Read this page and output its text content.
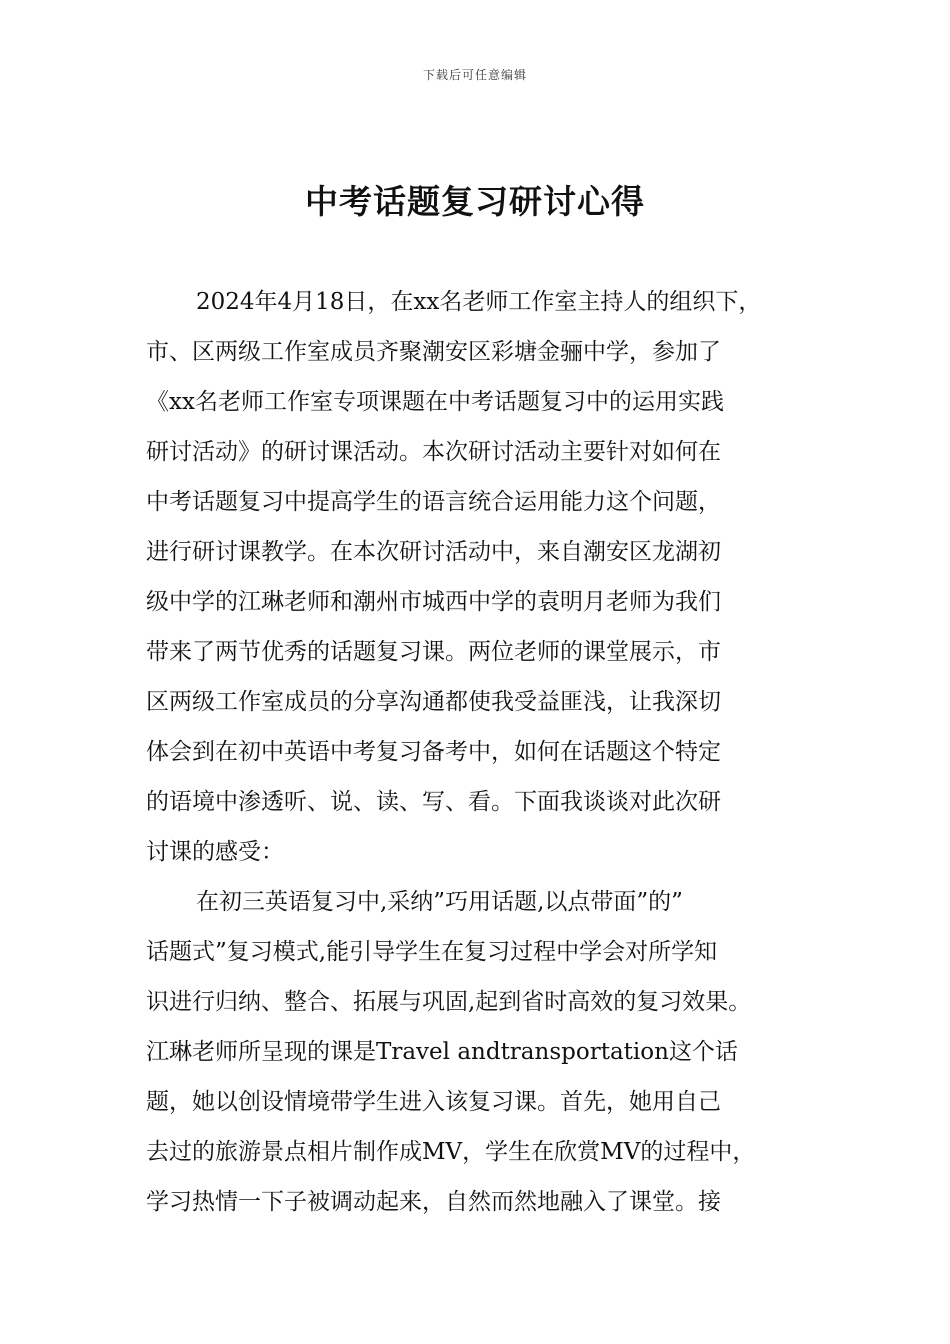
下载后可任意编辑
中考话题复习研讨心得
2024年4月18日，在xx名老师工作室主持人的组织下，
市、区两级工作室成员齐聚潮安区彩塘金骊中学，参加了
《xx名老师工作室专项课题在中考话题复习中的运用实践
研讨活动》的研讨课活动。本次研讨活动主要针对如何在
中考话题复习中提高学生的语言统合运用能力这个问题，
进行研讨课教学。在本次研讨活动中，来自潮安区龙湖初
级中学的江琳老师和潮州市城西中学的袁明月老师为我们
带来了两节优秀的话题复习课。两位老师的课堂展示，市
区两级工作室成员的分享沟通都使我受益匪浅，让我深切
体会到在初中英语中考复习备考中，如何在话题这个特定
的语境中渗透听、说、读、写、看。下面我谈谈对此次研
讨课的感受：
在初三英语复习中,采纳”巧用话题,以点带面”的”
话题式”复习模式,能引导学生在复习过程中学会对所学知
识进行归纳、整合、拓展与巩固,起到省时高效的复习效果。
江琳老师所呈现的课是Travel andtransportation这个话
题，她以创设情境带学生进入该复习课。首先，她用自己
去过的旅游景点相片制作成MV，学生在欣赏MV的过程中，
学习热情一下子被调动起来，自然而然地融入了课堂。接
